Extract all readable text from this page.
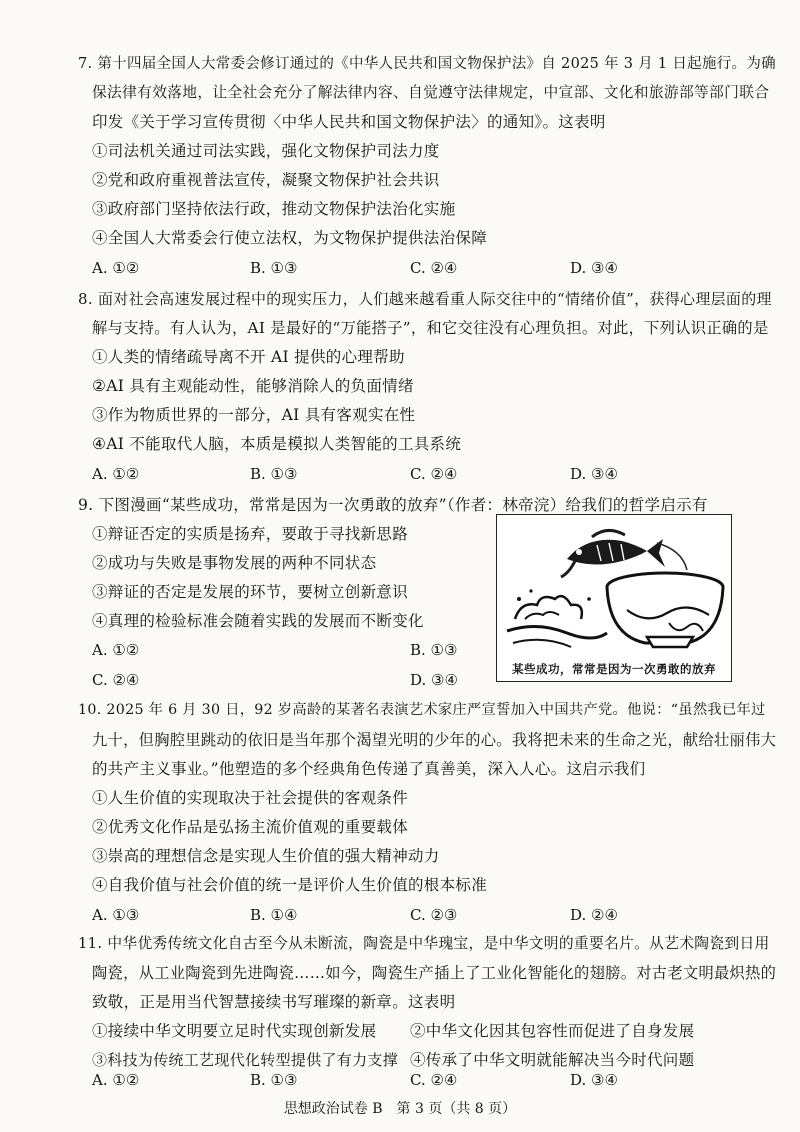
7. 第十四届全国人大常委会修订通过的《中华人民共和国文物保护法》自 2025 年 3 月 1 日起施行。为确
保法律有效落地，让全社会充分了解法律内容、自觉遵守法律规定，中宣部、文化和旅游部等部门联合
印发《关于学习宣传贯彻〈中华人民共和国文物保护法〉的通知》。这表明
①司法机关通过司法实践，强化文物保护司法力度
②党和政府重视普法宣传，凝聚文物保护社会共识
③政府部门坚持依法行政，推动文物保护法治化实施
④全国人大常委会行使立法权，为文物保护提供法治保障
A. ①②	B. ①③	C. ②④	D. ③④
8. 面对社会高速发展过程中的现实压力，人们越来越看重人际交往中的“情绪价值”，获得心理层面的理
解与支持。有人认为，AI 是最好的“万能搭子”，和它交往没有心理负担。对此，下列认识正确的是
①人类的情绪疏导离不开 AI 提供的心理帮助
②AI 具有主观能动性，能够消除人的负面情绪
③作为物质世界的一部分，AI 具有客观实在性
④AI 不能取代人脑，本质是模拟人类智能的工具系统
A. ①②	B. ①③	C. ②④	D. ③④
9. 下图漫画“某些成功，常常是因为一次勇敢的放弃”（作者：林帝浣）给我们的哲学启示有
①辩证否定的实质是扬弃，要敢于寻找新思路
②成功与失败是事物发展的两种不同状态
③辩证的否定是发展的环节，要树立创新意识
④真理的检验标准会随着实践的发展而不断变化
A. ①②	B. ①③
C. ②④	D. ③④
某些成功，常常是因为一次勇敢的放弃
10. 2025 年 6 月 30 日，92 岁高龄的某著名表演艺术家庄严宣誓加入中国共产党。他说：“虽然我已年过
九十，但胸腔里跳动的依旧是当年那个渴望光明的少年的心。我将把未来的生命之光，献给壮丽伟大
的共产主义事业。”他塑造的多个经典角色传递了真善美，深入人心。这启示我们
①人生价值的实现取决于社会提供的客观条件
②优秀文化作品是弘扬主流价值观的重要载体
③崇高的理想信念是实现人生价值的强大精神动力
④自我价值与社会价值的统一是评价人生价值的根本标准
A. ①③	B. ①④	C. ②③	D. ②④
11. 中华优秀传统文化自古至今从未断流，陶瓷是中华瑰宝，是中华文明的重要名片。从艺术陶瓷到日用
陶瓷，从工业陶瓷到先进陶瓷……如今，陶瓷生产插上了工业化智能化的翅膀。对古老文明最炽热的
致敬，正是用当代智慧接续书写璀璨的新章。这表明
①接续中华文明要立足时代实现创新发展 ②中华文化因其包容性而促进了自身发展
③科技为传统工艺现代化转型提供了有力支撑 ④传承了中华文明就能解决当今时代问题
A. ①②	B. ①③	C. ②④	D. ③④
思想政治试卷 B　第 3 页（共 8 页）
